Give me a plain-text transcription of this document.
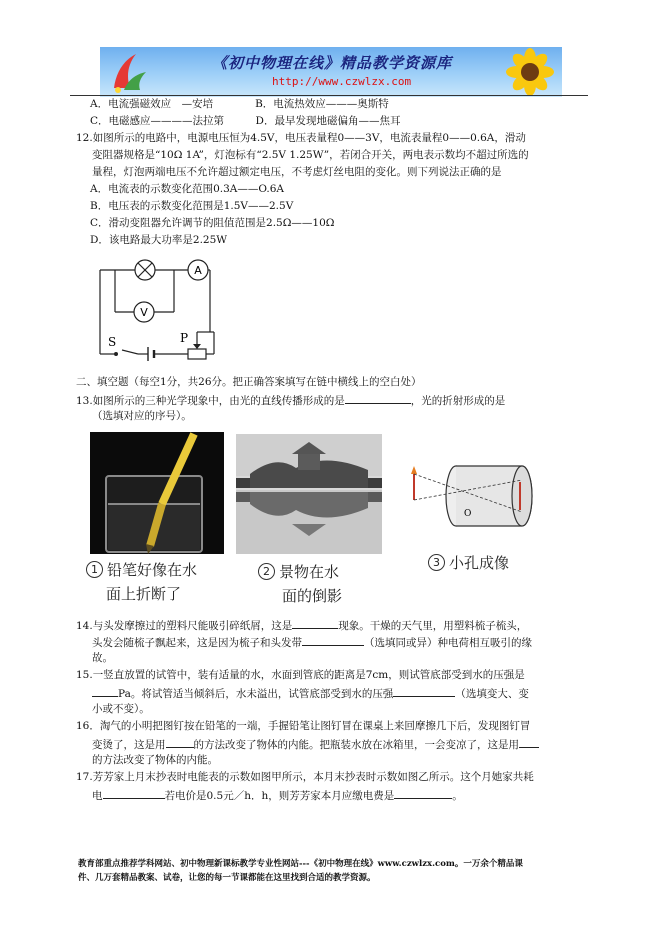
《初中物理在线》精品教学资源库
http://www.czwlzx.com
A．电流强磁效应　—安培　　　　B．电流热效应———奥斯特
C．电磁感应————法拉第　　　D．最早发现地磁偏角——焦耳
12.如图所示的电路中，电源电压恒为4.5V，电压表量程0——3V，电流表量程0——0.6A，滑动
变阻器规格是“10Ω 1A”，灯泡标有“2.5V 1.25W”，若闭合开关，两电表示数均不超过所选的
量程，灯泡两端电压不允许超过额定电压，不考虑灯丝电阻的变化。则下列说法正确的是
A．电流表的示数变化范围0.3A——O.6A
B．电压表的示数变化范围是1.5V——2.5V
C．滑动变阻器允许调节的阻值范围是2.5Ω——10Ω
D．该电路最大功率是2.25W
A
V
S	P
二、填空题（每空1分，共26分。把正确答案填写在链中横线上的空白处）
13.如图所示的三种光学现象中，由光的直线传播形成的是	，光的折射形成的是
（选填对应的序号）。
O
1 铅笔好像在水
面上折断了
2 景物在水
面的倒影
3 小孔成像
14.与头发摩擦过的塑料尺能吸引碎纸屑，这是	现象。干燥的天气里，用塑料梳子梳头，
头发会随梳子飘起来，这是因为梳子和头发带	（选填同或异）种电荷相互吸引的缘
故。
15.一竖直放置的试管中，装有适量的水，水面到管底的距离是7cm，则试管底部受到水的压强是
Pa。将试管适当倾斜后，水未溢出，试管底部受到水的压强	（选填变大、变
小或不变）。
16．淘气的小明把图钉按在铅笔的一端，手握铅笔让图钉冒在课桌上来回摩擦几下后，发现图钉冒
变烫了，这是用	的方法改变了物体的内能。把瓶装水放在冰箱里，一会变凉了，这是用
的方法改变了物体的内能。
17.芳芳家上月末抄表时电能表的示数如图甲所示，本月末抄表时示数如图乙所示。这个月她家共耗
电	若电价是0.5元／h．h，则芳芳家本月应缴电费是	。
教育部重点推荐学科网站、初中物理新课标教学专业性网站---《初中物理在线》www.czwlzx.com。一万余个精品课
件、几万套精品教案、试卷，让您的每一节课都能在这里找到合适的教学资源。
